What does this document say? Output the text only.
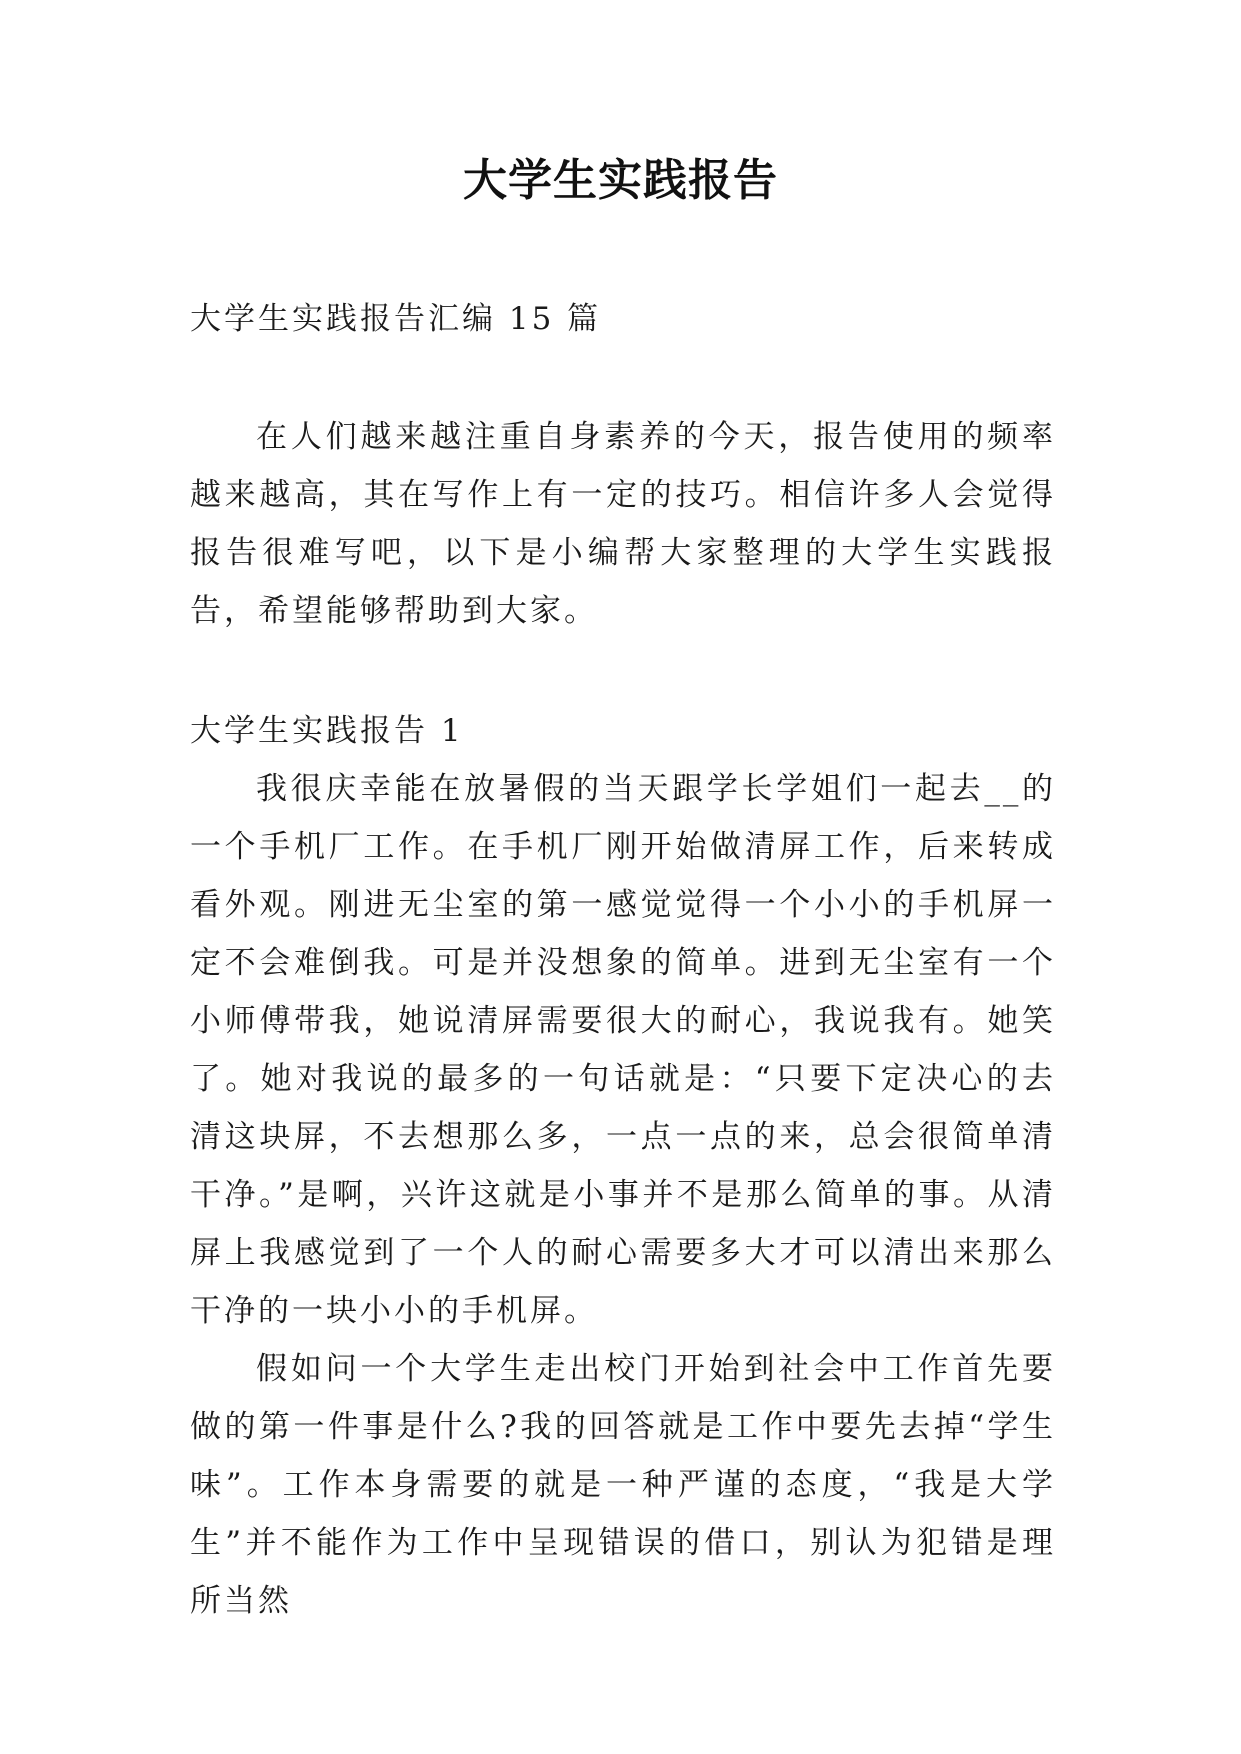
大学生实践报告

大学生实践报告汇编 15 篇

在人们越来越注重自身素养的今天，报告使用的频率越来越高，其在写作上有一定的技巧。相信许多人会觉得报告很难写吧，以下是小编帮大家整理的大学生实践报告，希望能够帮助到大家。

大学生实践报告 1

我很庆幸能在放暑假的当天跟学长学姐们一起去__的一个手机厂工作。在手机厂刚开始做清屏工作，后来转成看外观。刚进无尘室的第一感觉觉得一个小小的手机屏一定不会难倒我。可是并没想象的简单。进到无尘室有一个小师傅带我，她说清屏需要很大的耐心，我说我有。她笑了。她对我说的最多的一句话就是：“只要下定决心的去清这块屏，不去想那么多，一点一点的来，总会很简单清干净。”是啊，兴许这就是小事并不是那么简单的事。从清屏上我感觉到了一个人的耐心需要多大才可以清出来那么干净的一块小小的手机屏。

假如问一个大学生走出校门开始到社会中工作首先要做的第一件事是什么?我的回答就是工作中要先去掉“学生味”。工作本身需要的就是一种严谨的态度，“我是大学生”并不能作为工作中呈现错误的借口，别认为犯错是理所当然
